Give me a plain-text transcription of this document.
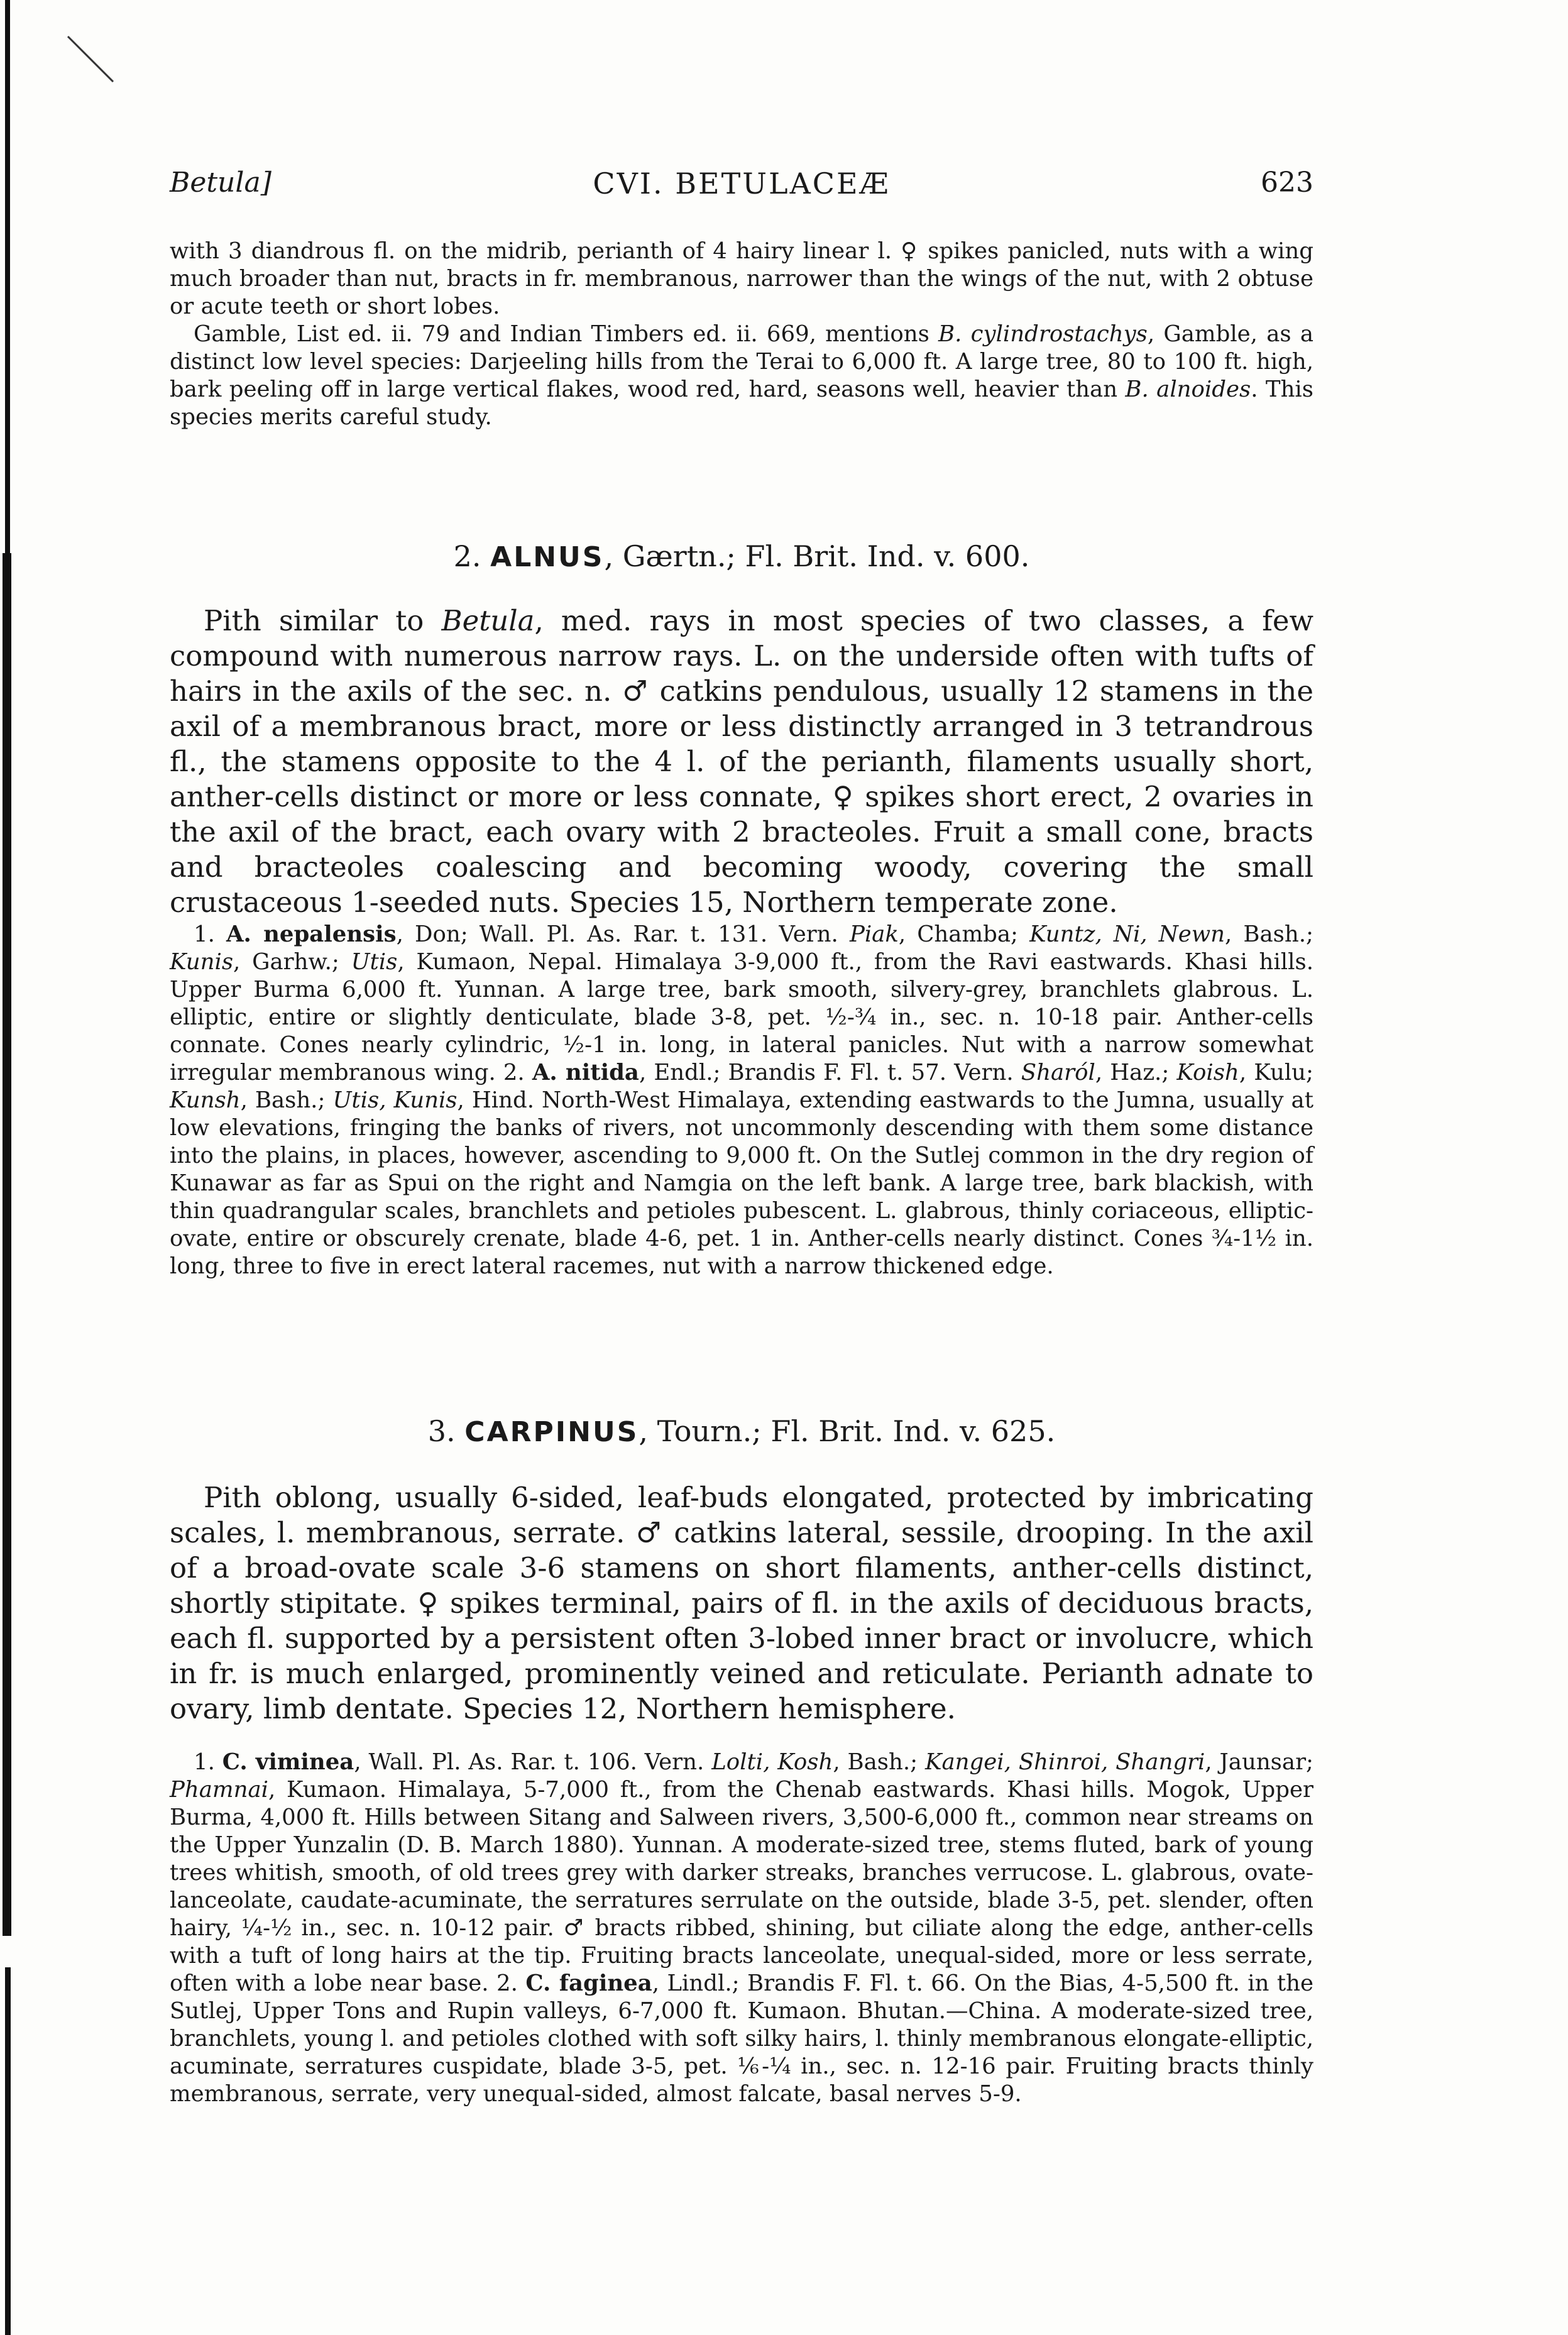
Betula]	CVI. BETULACEÆ	623

with 3 diandrous fl. on the midrib, perianth of 4 hairy linear l. ♀ spikes panicled, nuts with a wing much broader than nut, bracts in fr. membranous, narrower than the wings of the nut, with 2 obtuse or acute teeth or short lobes.

Gamble, List ed. ii. 79 and Indian Timbers ed. ii. 669, mentions B. cylindrostachys, Gamble, as a distinct low level species: Darjeeling hills from the Terai to 6,000 ft. A large tree, 80 to 100 ft. high, bark peeling off in large vertical flakes, wood red, hard, seasons well, heavier than B. alnoides. This species merits careful study.

2. ALNUS, Gærtn.; Fl. Brit. Ind. v. 600.
Pith similar to Betula, med. rays in most species of two classes, a few compound with numerous narrow rays. L. on the underside often with tufts of hairs in the axils of the sec. n. ♂ catkins pendulous, usually 12 stamens in the axil of a membranous bract, more or less distinctly arranged in 3 tetrandrous fl., the stamens opposite to the 4 l. of the perianth, filaments usually short, anther-cells distinct or more or less connate, ♀ spikes short erect, 2 ovaries in the axil of the bract, each ovary with 2 bracteoles. Fruit a small cone, bracts and bracteoles coalescing and becoming woody, covering the small crustaceous 1-seeded nuts. Species 15, Northern temperate zone.
1. A. nepalensis, Don; Wall. Pl. As. Rar. t. 131. Vern. Piak, Chamba; Kuntz, Ni, Newn, Bash.; Kunis, Garhw.; Utis, Kumaon, Nepal. Himalaya 3-9,000 ft., from the Ravi eastwards. Khasi hills. Upper Burma 6,000 ft. Yunnan. A large tree, bark smooth, silvery-grey, branchlets glabrous. L. elliptic, entire or slightly denticulate, blade 3-8, pet. ½-¾ in., sec. n. 10-18 pair. Anther-cells connate. Cones nearly cylindric, ½-1 in. long, in lateral panicles. Nut with a narrow somewhat irregular membranous wing. 2. A. nitida, Endl.; Brandis F. Fl. t. 57. Vern. Sharól, Haz.; Koish, Kulu; Kunsh, Bash.; Utis, Kunis, Hind. North-West Himalaya, extending eastwards to the Jumna, usually at low elevations, fringing the banks of rivers, not uncommonly descending with them some distance into the plains, in places, however, ascending to 9,000 ft. On the Sutlej common in the dry region of Kunawar as far as Spui on the right and Namgia on the left bank. A large tree, bark blackish, with thin quadrangular scales, branchlets and petioles pubescent. L. glabrous, thinly coriaceous, elliptic-ovate, entire or obscurely crenate, blade 4-6, pet. 1 in. Anther-cells nearly distinct. Cones ¾-1½ in. long, three to five in erect lateral racemes, nut with a narrow thickened edge.
3. CARPINUS, Tourn.; Fl. Brit. Ind. v. 625.
Pith oblong, usually 6-sided, leaf-buds elongated, protected by imbricating scales, l. membranous, serrate. ♂ catkins lateral, sessile, drooping. In the axil of a broad-ovate scale 3-6 stamens on short filaments, anther-cells distinct, shortly stipitate. ♀ spikes terminal, pairs of fl. in the axils of deciduous bracts, each fl. supported by a persistent often 3-lobed inner bract or involucre, which in fr. is much enlarged, prominently veined and reticulate. Perianth adnate to ovary, limb dentate. Species 12, Northern hemisphere.
1. C. viminea, Wall. Pl. As. Rar. t. 106. Vern. Lolti, Kosh, Bash.; Kangei, Shinroi, Shangri, Jaunsar; Phamnai, Kumaon. Himalaya, 5-7,000 ft., from the Chenab eastwards. Khasi hills. Mogok, Upper Burma, 4,000 ft. Hills between Sitang and Salween rivers, 3,500-6,000 ft., common near streams on the Upper Yunzalin (D. B. March 1880). Yunnan. A moderate-sized tree, stems fluted, bark of young trees whitish, smooth, of old trees grey with darker streaks, branches verrucose. L. glabrous, ovate-lanceolate, caudate-acuminate, the serratures serrulate on the outside, blade 3-5, pet. slender, often hairy, ¼-½ in., sec. n. 10-12 pair. ♂ bracts ribbed, shining, but ciliate along the edge, anther-cells with a tuft of long hairs at the tip. Fruiting bracts lanceolate, unequal-sided, more or less serrate, often with a lobe near base. 2. C. faginea, Lindl.; Brandis F. Fl. t. 66. On the Bias, 4-5,500 ft. in the Sutlej, Upper Tons and Rupin valleys, 6-7,000 ft. Kumaon. Bhutan.—China. A moderate-sized tree, branchlets, young l. and petioles clothed with soft silky hairs, l. thinly membranous elongate-elliptic, acuminate, serratures cuspidate, blade 3-5, pet. ⅙-¼ in., sec. n. 12-16 pair. Fruiting bracts thinly membranous, serrate, very unequal-sided, almost falcate, basal nerves 5-9.
